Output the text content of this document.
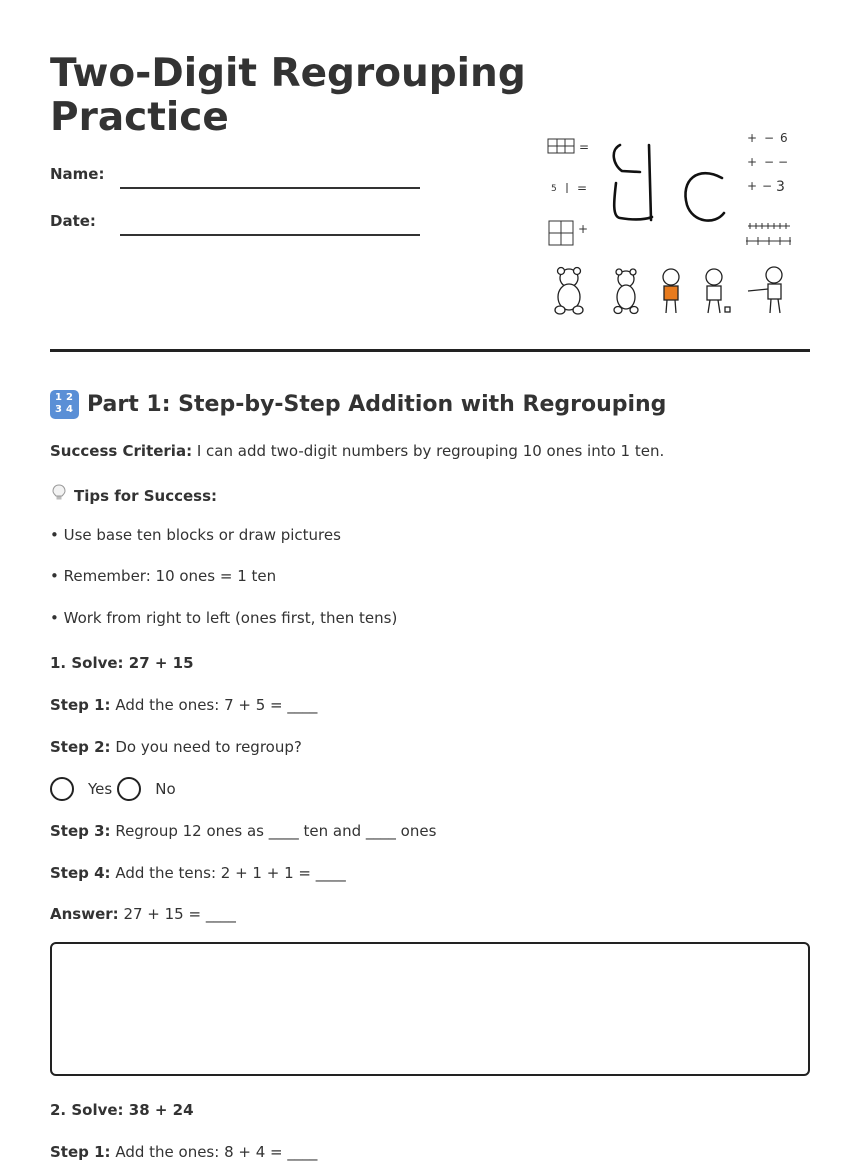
Two-Digit Regrouping
Practice
Name:
Date:
=
=
+
5
+ − 6
+ − −
+ − 3
1 2
3 4 Part 1: Step-by-Step Addition with Regrouping
Success Criteria: I can add two-digit numbers by regrouping 10 ones into 1 ten.
Tips for Success:
• Use base ten blocks or draw pictures
• Remember: 10 ones = 1 ten
• Work from right to left (ones first, then tens)
1. Solve: 27 + 15
Step 1: Add the ones: 7 + 5 = ____
Step 2: Do you need to regroup?
Yes	No
Step 3: Regroup 12 ones as ____ ten and ____ ones
Step 4: Add the tens: 2 + 1 + 1 = ____
Answer: 27 + 15 = ____
2. Solve: 38 + 24
Step 1: Add the ones: 8 + 4 = ____
